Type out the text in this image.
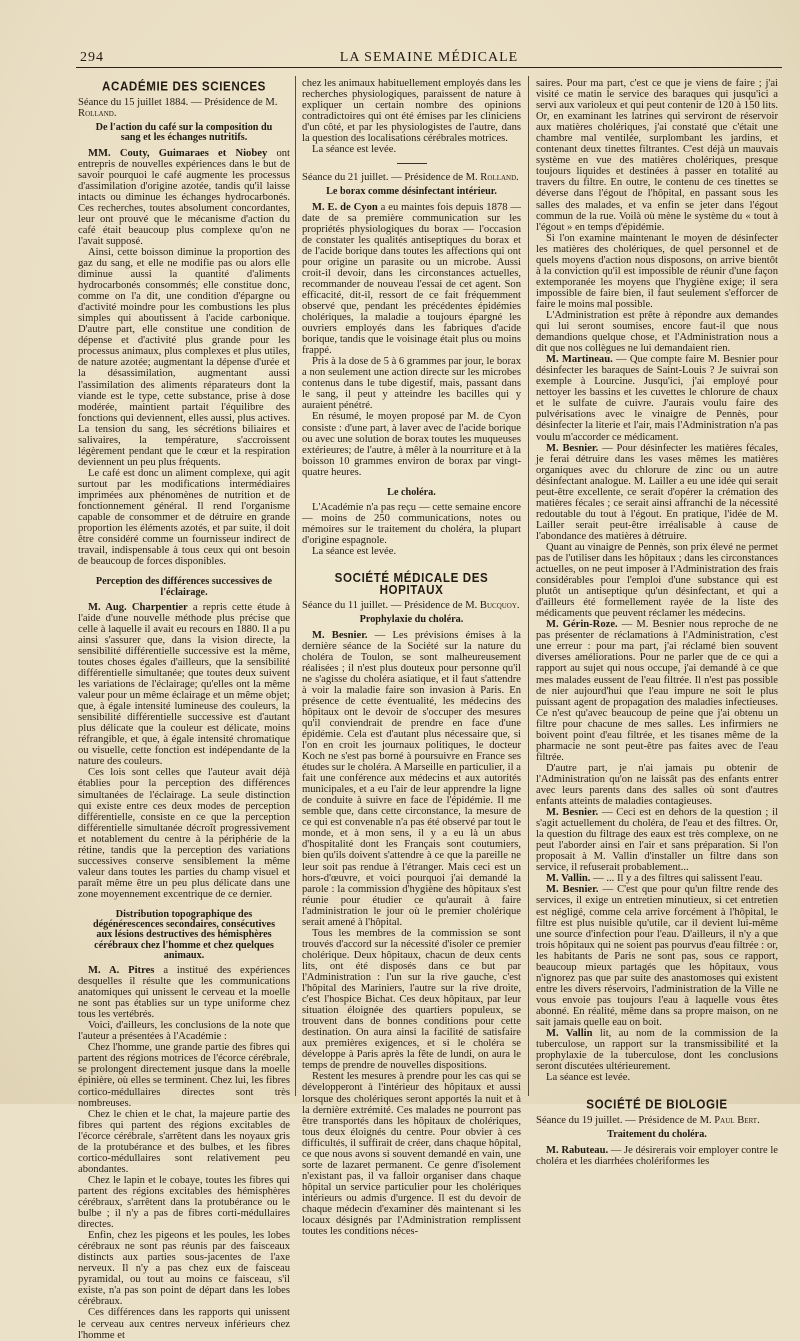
294	LA SEMAINE MÉDICALE
ACADÉMIE DES SCIENCES
Séance du 15 juillet 1884. — Présidence de M. Rolland.
De l'action du café sur la composition du sang et les échanges nutritifs.

MM. Couty, Guimaraes et Niobey ont entrepris de nouvelles expériences dans le but de savoir pourquoi le café augmente les processus d'assimilation d'origine azotée, tandis qu'il laisse intacts ou diminue les échanges hydrocarbonés. Ces recherches, toutes absolument concordantes, leur ont prouvé que le mécanisme d'action du café était beaucoup plus complexe qu'on ne l'avait supposé.

Ainsi, cette boisson diminue la proportion des gaz du sang, et elle ne modifie pas ou alors elle diminue aussi la quantité d'aliments hydrocarbonés consommés; elle constitue donc, comme on l'a dit, une condition d'épargne ou d'activité moindre pour les combustions les plus simples qui aboutissent à l'acide carbonique. D'autre part, elle constitue une condition de dépense et d'activité plus grande pour les processus animaux, plus complexes et plus utiles, de nature azotée; augmentant la dépense d'urée et la désassimilation, augmentant aussi l'assimilation des aliments réparateurs dont la viande est le type, cette substance, prise à dose modérée, maintient partait l'équilibre des fonctions qui deviennent, elles aussi, plus actives. La tension du sang, les sécrétions biliaires et salivaires, la température, s'accroissent légèrement pendant que le cœur et la respiration deviennent un peu plus fréquents.

Le café est donc un aliment complexe, qui agit surtout par les modifications intermédiaires imprimées aux phénomènes de nutrition et de fonctionnement général. Il rend l'organisme capable de consommer et de détruire en grande proportion les éléments azotés, et par suite, il doit être considéré comme un fournisseur indirect de travail, indispensable à tous ceux qui ont besoin de beaucoup de forces disponibles.

Perception des différences successives de l'éclairage.

M. Aug. Charpentier a repris cette étude à l'aide d'une nouvelle méthode plus précise que celle à laquelle il avait eu recours en 1880. Il a pu ainsi s'assurer que, dans la vision directe, la sensibilité différentielle successive est la même, toutes choses égales d'ailleurs, que la sensibilité différentielle simultanée; que toutes deux suivent les variations de l'éclairage; qu'elles ont la même valeur pour un même éclairage et un même objet; que, à égale intensité lumineuse des couleurs, la sensibilité différentielle successive est d'autant plus délicate que la couleur est délicate, moins réfrangible, et que, à égale intensité chromatique ou visuelle, cette fonction est indépendante de la nature des couleurs.

Ces lois sont celles que l'auteur avait déjà établies pour la perception des différences simultanées de l'éclairage. La seule distinction qui existe entre ces deux modes de perception différentielle, consiste en ce que la perception différentielle simultanée décroît progressivement et notablement du centre à la périphérie de la rétine, tandis que la perception des variations successives conserve sensiblement la même valeur dans toutes les parties du champ visuel et paraît même être un peu plus délicate dans une zone moyennement excentrique de ce dernier.

Distribution topographique des dégénérescences secondaires, consécutives aux lésions destructives des hémisphères cérébraux chez l'homme et chez quelques animaux.

M. A. Pitres a institué des expériences desquelles il résulte que les communications anatomiques qui unissent le cerveau et la moelle ne sont pas établies sur un type uniforme chez tous les vertébrés.

Voici, d'ailleurs, les conclusions de la note que l'auteur a présentées à l'Académie :

Chez l'homme, une grande partie des fibres qui partent des régions motrices de l'écorce cérébrale, se prolongent directement jusque dans la moelle épinière, où elles se terminent. Chez lui, les fibres cortico-médullaires directes sont très nombreuses.

Chez le chien et le chat, la majeure partie des fibres qui partent des régions excitables de l'écorce cérébrale, s'arrêtent dans les noyaux gris de la protubérance et des bulbes, et les fibres cortico-médullaires sont relativement peu abondantes.

Chez le lapin et le cobaye, toutes les fibres qui partent des régions excitables des hémisphères cérébraux, s'arrêtent dans la protubérance ou le bulbe ; il n'y a pas de fibres corti-médullaires directes.

Enfin, chez les pigeons et les poules, les lobes cérébraux ne sont pas réunis par des faisceaux distincts aux parties sous-jacentes de l'axe nerveux. Il n'y a pas chez eux de faisceau pyramidal, ou tout au moins ce faisceau, s'il existe, n'a pas son point de départ dans les lobes cérébraux.

Ces différences dans les rapports qui unissent le cerveau aux centres nerveux inférieurs chez l'homme et

chez les animaux habituellement employés dans les recherches physiologiques, paraissent de nature à expliquer un certain nombre des opinions contradictoires qui ont été émises par les cliniciens d'un côté, et par les physiologistes de l'autre, dans la question des localisations cérébrales motrices.

La séance est levée.

Séance du 21 juillet. — Présidence de M. Rolland.
Le borax comme désinfectant intérieur.

M. E. de Cyon a eu maintes fois depuis 1878 — date de sa première communication sur les propriétés physiologiques du borax — l'occasion de constater les qualités antiseptiques du borax et de l'acide borique dans toutes les affections qui ont pour origine un parasite ou un microbe. Aussi croit-il devoir, dans les circonstances actuelles, recommander de nouveau l'essai de cet agent. Son efficacité, dit-il, ressort de ce fait fréquemment observé que, pendant les précédentes épidémies cholériques, la maladie a toujours épargné les ouvriers employés dans les fabriques d'acide borique, tandis que le voisinage était plus ou moins frappé.

Pris à la dose de 5 à 6 grammes par jour, le borax a non seulement une action directe sur les microbes contenus dans le tube digestif, mais, passant dans le sang, il peut y atteindre les bacilles qui y auraient pénétré.

En résumé, le moyen proposé par M. de Cyon consiste : d'une part, à laver avec de l'acide borique ou avec une solution de borax toutes les muqueuses extérieures; de l'autre, à mêler à la nourriture et à la boisson 10 grammes environ de borax par vingt-quatre heures.

Le choléra.

L'Académie n'a pas reçu — cette semaine encore — moins de 250 communications, notes ou mémoires sur le traitement du choléra, la plupart d'origine espagnole.

La séance est levée.

SOCIÉTÉ MÉDICALE DES HOPITAUX
Séance du 11 juillet. — Présidence de M. Bucquoy.
Prophylaxie du choléra.

M. Besnier. — Les prévisions émises à la dernière séance de la Société sur la nature du choléra de Toulon, se sont malheureusement réalisées ; il n'est plus douteux pour personne qu'il ne s'agisse du choléra asiatique, et il faut s'attendre à voir la maladie faire son invasion à Paris. En présence de cette éventualité, les médecins des hôpitaux ont le devoir de s'occuper des mesures qu'il conviendrait de prendre en face d'une épidémie. Cela est d'autant plus nécessaire que, si l'on en croit les journaux politiques, le docteur Koch ne s'est pas borné à poursuivre en France ses études sur le choléra. A Marseille en particulier, il a fait une conférence aux médecins et aux autorités municipales, et a eu l'air de leur apprendre la ligne de conduite à suivre en face de l'épidémie. Il me semble que, dans cette circonstance, la mesure de ce qui est convenable n'a pas été observé par tout le monde, et à mon sens, il y a eu là un abus d'hospitalité dont les Français sont coutumiers, bien qu'ils doivent s'attendre à ce que la pareille ne leur soit pas rendue à l'étranger. Mais ceci est un hors-d'œuvre, et voici pourquoi j'ai demandé la parole : la commission d'hygiène des hôpitaux s'est réunie pour étudier ce qu'aurait à faire l'administration le jour où le premier cholérique serait amené à l'hôpital.

Tous les membres de la commission se sont trouvés d'accord sur la nécessité d'isoler ce premier cholérique. Deux hôpitaux, chacun de deux cents lits, ont été disposés dans ce but par l'Administration : l'un sur la rive gauche, c'est l'hôpital des Mariniers, l'autre sur la rive droite, c'est l'hospice Bichat. Ces deux hôpitaux, par leur situation éloignée des quartiers populeux, se trouvent dans de bonnes conditions pour cette destination. On aura ainsi la facilité de satisfaire aux premières exigences, et si le choléra se développe à Paris après la fête de lundi, on aura le temps de prendre de nouvelles dispositions.

Restent les mesures à prendre pour les cas qui se développeront à l'intérieur des hôpitaux et aussi lorsque des cholériques seront apportés la nuit et à la dernière extrémité. Ces malades ne pourront pas être transportés dans les hôpitaux de cholériques, tous deux éloignés du centre. Pour obvier à ces difficultés, il suffirait de créer, dans chaque hôpital, ce que nous avons si souvent demandé en vain, une sorte de lazaret permanent. Ce genre d'isolement n'existant pas, il va falloir organiser dans chaque hôpital un service particulier pour les cholériques intérieurs ou admis d'urgence. Il est du devoir de chaque médecin d'examiner dès maintenant si les locaux désignés par l'Administration remplissent toutes les conditions néces-

saires. Pour ma part, c'est ce que je viens de faire ; j'ai visité ce matin le service des baraques qui jusqu'ici a servi aux varioleux et qui peut contenir de 120 à 150 lits. Or, en examinant les latrines qui serviront de réservoir aux matières cholériques, j'ai constaté que c'était une chambre mal ventilée, surplombant les jardins, et contenant deux tinettes filtrantes. C'est déjà un mauvais système en vue des matières cholériques, presque toujours liquides et destinées à passer en totalité au travers du filtre. En outre, le contenu de ces tinettes se déverse dans l'égout de l'hôpital, en passant sous les salles des malades, et va enfin se jeter dans l'égout commun de la rue. Voilà où mène le système du « tout à l'égout » en temps d'épidémie.

Si l'on examine maintenant le moyen de désinfecter les matières des cholériques, de quel personnel et de quels moyens d'action nous disposons, on arrive bientôt à la conviction qu'il est impossible de réunir d'une façon extemporanée les moyens que l'hygiène exige; il sera impossible de faire bien, il faut seulement s'efforcer de faire le moins mal possible.

L'Administration est prête à répondre aux demandes qui lui seront soumises, encore faut-il que nous demandions quelque chose, et l'Administration nous a dit que nos collègues ne lui demandaient rien.

M. Martineau. — Que compte faire M. Besnier pour désinfecter les baraques de Saint-Louis ? Je suivrai son exemple à Lourcine. Jusqu'ici, j'ai employé pour nettoyer les bassins et les cuvettes le chlorure de chaux et le sulfate de cuivre. J'aurais voulu faire des pulvérisations avec le vinaigre de Pennès, pour désinfecter la literie et l'air, mais l'Administration n'a pas voulu m'accorder ce médicament.

M. Besnier. — Pour désinfecter les matières fécales, je ferai détruire dans les vases mêmes les matières organiques avec du chlorure de zinc ou un autre désinfectant analogue. M. Lailler a eu une idée qui serait peut-être excellente, ce serait d'opérer la crémation des matières fécales ; ce serait ainsi affranchi de la nécessité redoutable du tout à l'égout. En pratique, l'idée de M. Lailler serait peut-être irréalisable à cause de l'abondance des matières à détruire.

Quant au vinaigre de Pennès, son prix élevé ne permet pas de l'utiliser dans les hôpitaux ; dans les circonstances actuelles, on ne peut imposer à l'Administration des frais considérables pour l'emploi d'une substance qui est plutôt un antiseptique qu'un désinfectant, et qui a d'ailleurs été formellement rayée de la liste des médicaments que peuvent réclamer les médecins.

M. Gérin-Roze. — M. Besnier nous reproche de ne pas présenter de réclamations à l'Administration, c'est une erreur : pour ma part, j'ai réclamé bien souvent diverses améliorations. Pour ne parler que de ce qui a rapport au sujet qui nous occupe, j'ai demandé à ce que mes malades eussent de l'eau filtrée. Il n'est pas possible de nier aujourd'hui que l'eau impure ne soit le plus puissant agent de propagation des maladies infectieuses. Ce n'est qu'avec beaucoup de peine que j'ai obtenu un filtre pour chacune de mes salles. Les infirmiers ne boivent point d'eau filtrée, et les tisanes même de la pharmacie ne sont peut-être pas faites avec de l'eau filtrée.

D'autre part, je n'ai jamais pu obtenir de l'Administration qu'on ne laissât pas des enfants entrer avec leurs parents dans des salles où sont d'autres enfants atteints de maladies contagieuses.

M. Besnier. — Ceci est en dehors de la question ; il s'agit actuellement du choléra, de l'eau et des filtres. Or, la question du filtrage des eaux est très complexe, on ne peut l'aborder ainsi en l'air et sans préparation. Si l'on proposait à M. Vallin d'installer un filtre dans son service, il refuserait probablement...

M. Vallin. — ... Il y a des filtres qui salissent l'eau.

M. Besnier. — C'est que pour qu'un filtre rende des services, il exige un entretien minutieux, si cet entretien est négligé, comme cela arrive forcément à l'hôpital, le filtre est plus nuisible qu'utile, car il devient lui-même une source d'infection pour l'eau. D'ailleurs, il n'y a que trois hôpitaux qui ne soient pas pourvus d'eau filtrée : or, les habitants de Paris ne sont pas, sous ce rapport, beaucoup mieux partagés que les hôpitaux, vous n'ignorez pas que par suite des anastomoses qui existent entre les divers réservoirs, l'administration de la Ville ne vous envoie pas toujours l'eau à laquelle vous êtes abonné. En réalité, même dans sa propre maison, on ne sait jamais quelle eau on boit.

M. Vallin lit, au nom de la commission de la tuberculose, un rapport sur la transmissibilité et la prophylaxie de la tuberculose, dont les conclusions seront discutées ultérieurement.

La séance est levée.

SOCIÉTÉ DE BIOLOGIE
Séance du 19 juillet. — Présidence de M. Paul Bert.
Traitement du choléra.

M. Rabuteau. — Je désirerais voir employer contre le choléra et les diarrhées cholériformes les
